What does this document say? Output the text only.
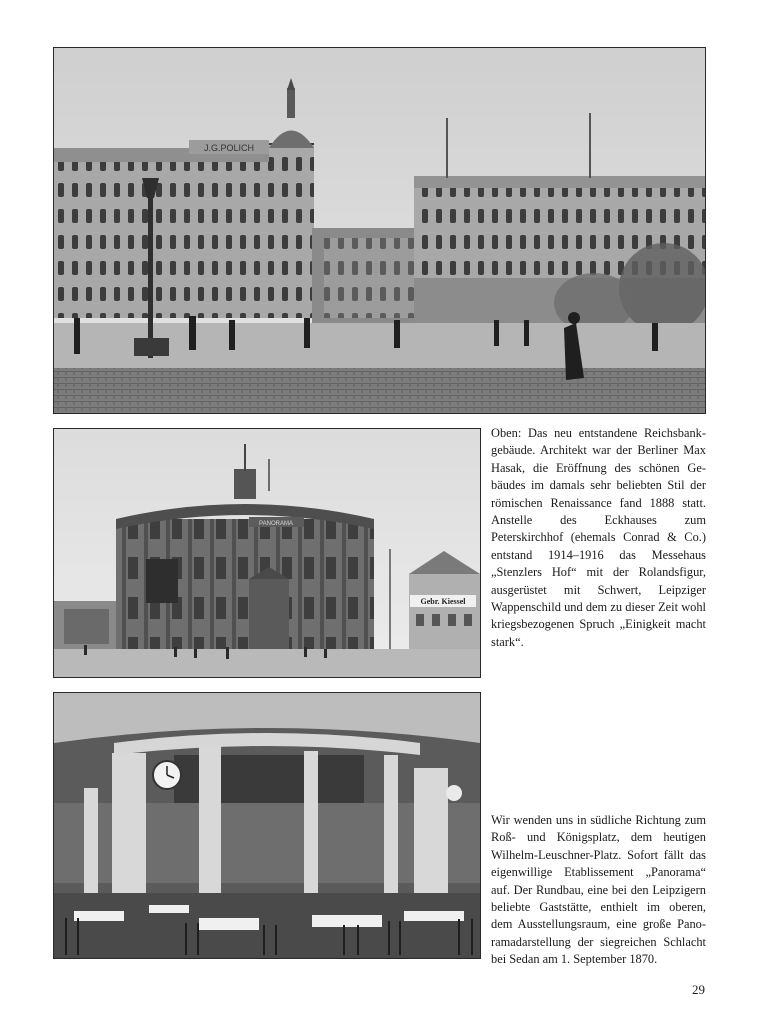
J.G.POLICH
PANORAMA
Gebr. Kiessel

Oben: Das neu entstandene Reichsbankgebäude. Architekt war der Berliner Max Hasak, die Eröffnung des schönen Gebäudes im damals sehr beliebten Stil der römischen Renaissance fand 1888 statt. Anstelle des Eckhauses zum Peterskirchhof (ehemals Conrad & Co.) entstand 1914–1916 das Messehaus „Stenzlers Hof“ mit der Rolandsfigur, ausgerüstet mit Schwert, Leipziger Wappenschild und dem zu dieser Zeit wohl kriegsbezogenen Spruch „Einigkeit macht stark“.

Wir wenden uns in südliche Richtung zum Roß- und Königsplatz, dem heutigen Wilhelm-Leuschner-Platz. Sofort fällt das eigenwillige Etablissement „Panorama“ auf. Der Rundbau, eine bei den Leipzigern beliebte Gaststätte, enthielt im oberen, dem Ausstellungsraum, eine große Panoramadarstellung der siegreichen Schlacht bei Sedan am 1. September 1870.

29
